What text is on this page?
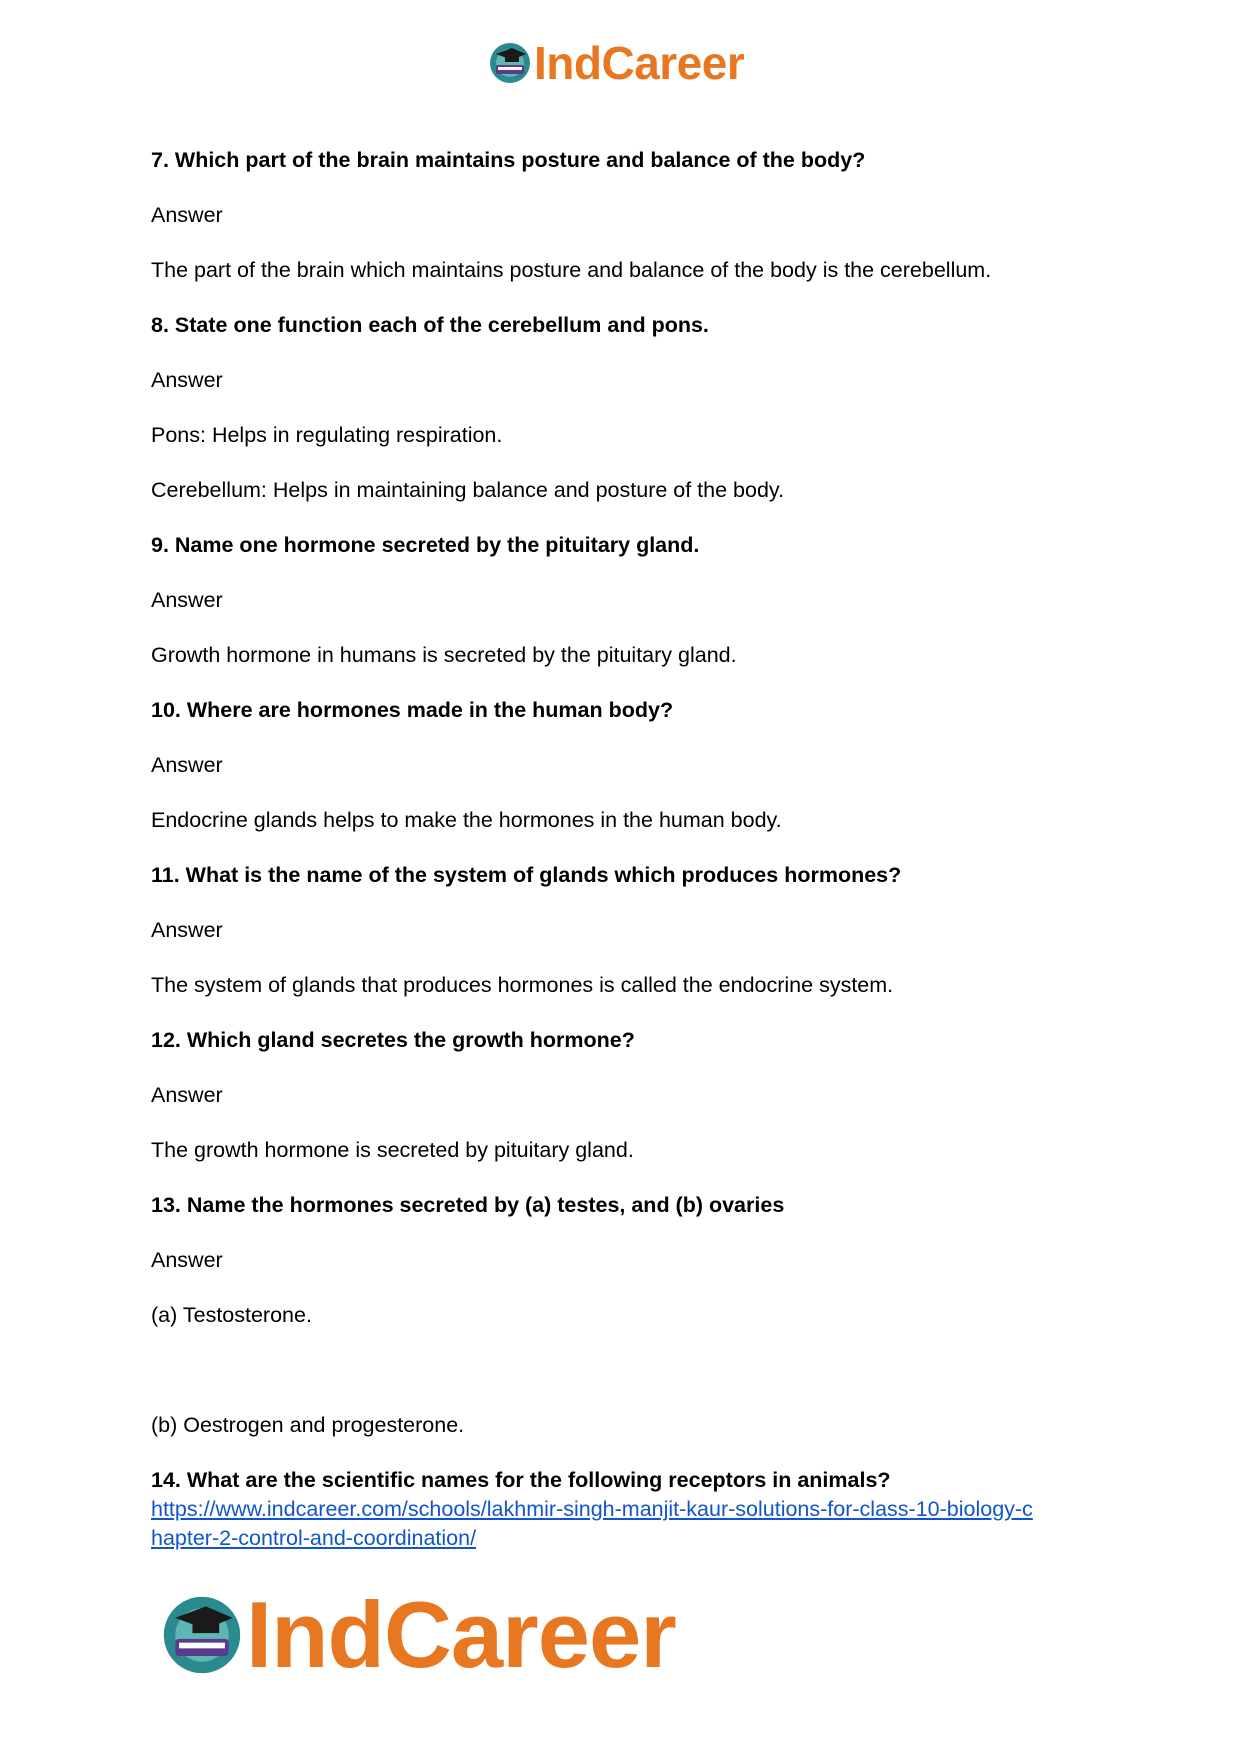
IndCareer
7. Which part of the brain maintains posture and balance of the body?
Answer
The part of the brain which maintains posture and balance of the body is the cerebellum.
8. State one function each of the cerebellum and pons.
Answer
Pons: Helps in regulating respiration.
Cerebellum: Helps in maintaining balance and posture of the body.
9. Name one hormone secreted by the pituitary gland.
Answer
Growth hormone in humans is secreted by the pituitary gland.
10. Where are hormones made in the human body?
Answer
Endocrine glands helps to make the hormones in the human body.
11. What is the name of the system of glands which produces hormones?
Answer
The system of glands that produces hormones is called the endocrine system.
12. Which gland secretes the growth hormone?
Answer
The growth hormone is secreted by pituitary gland.
13. Name the hormones secreted by (a) testes, and (b) ovaries
Answer
(a) Testosterone.
(b) Oestrogen and progesterone.
14. What are the scientific names for the following receptors in animals?
https://www.indcareer.com/schools/lakhmir-singh-manjit-kaur-solutions-for-class-10-biology-c
hapter-2-control-and-coordination/
IndCareer
